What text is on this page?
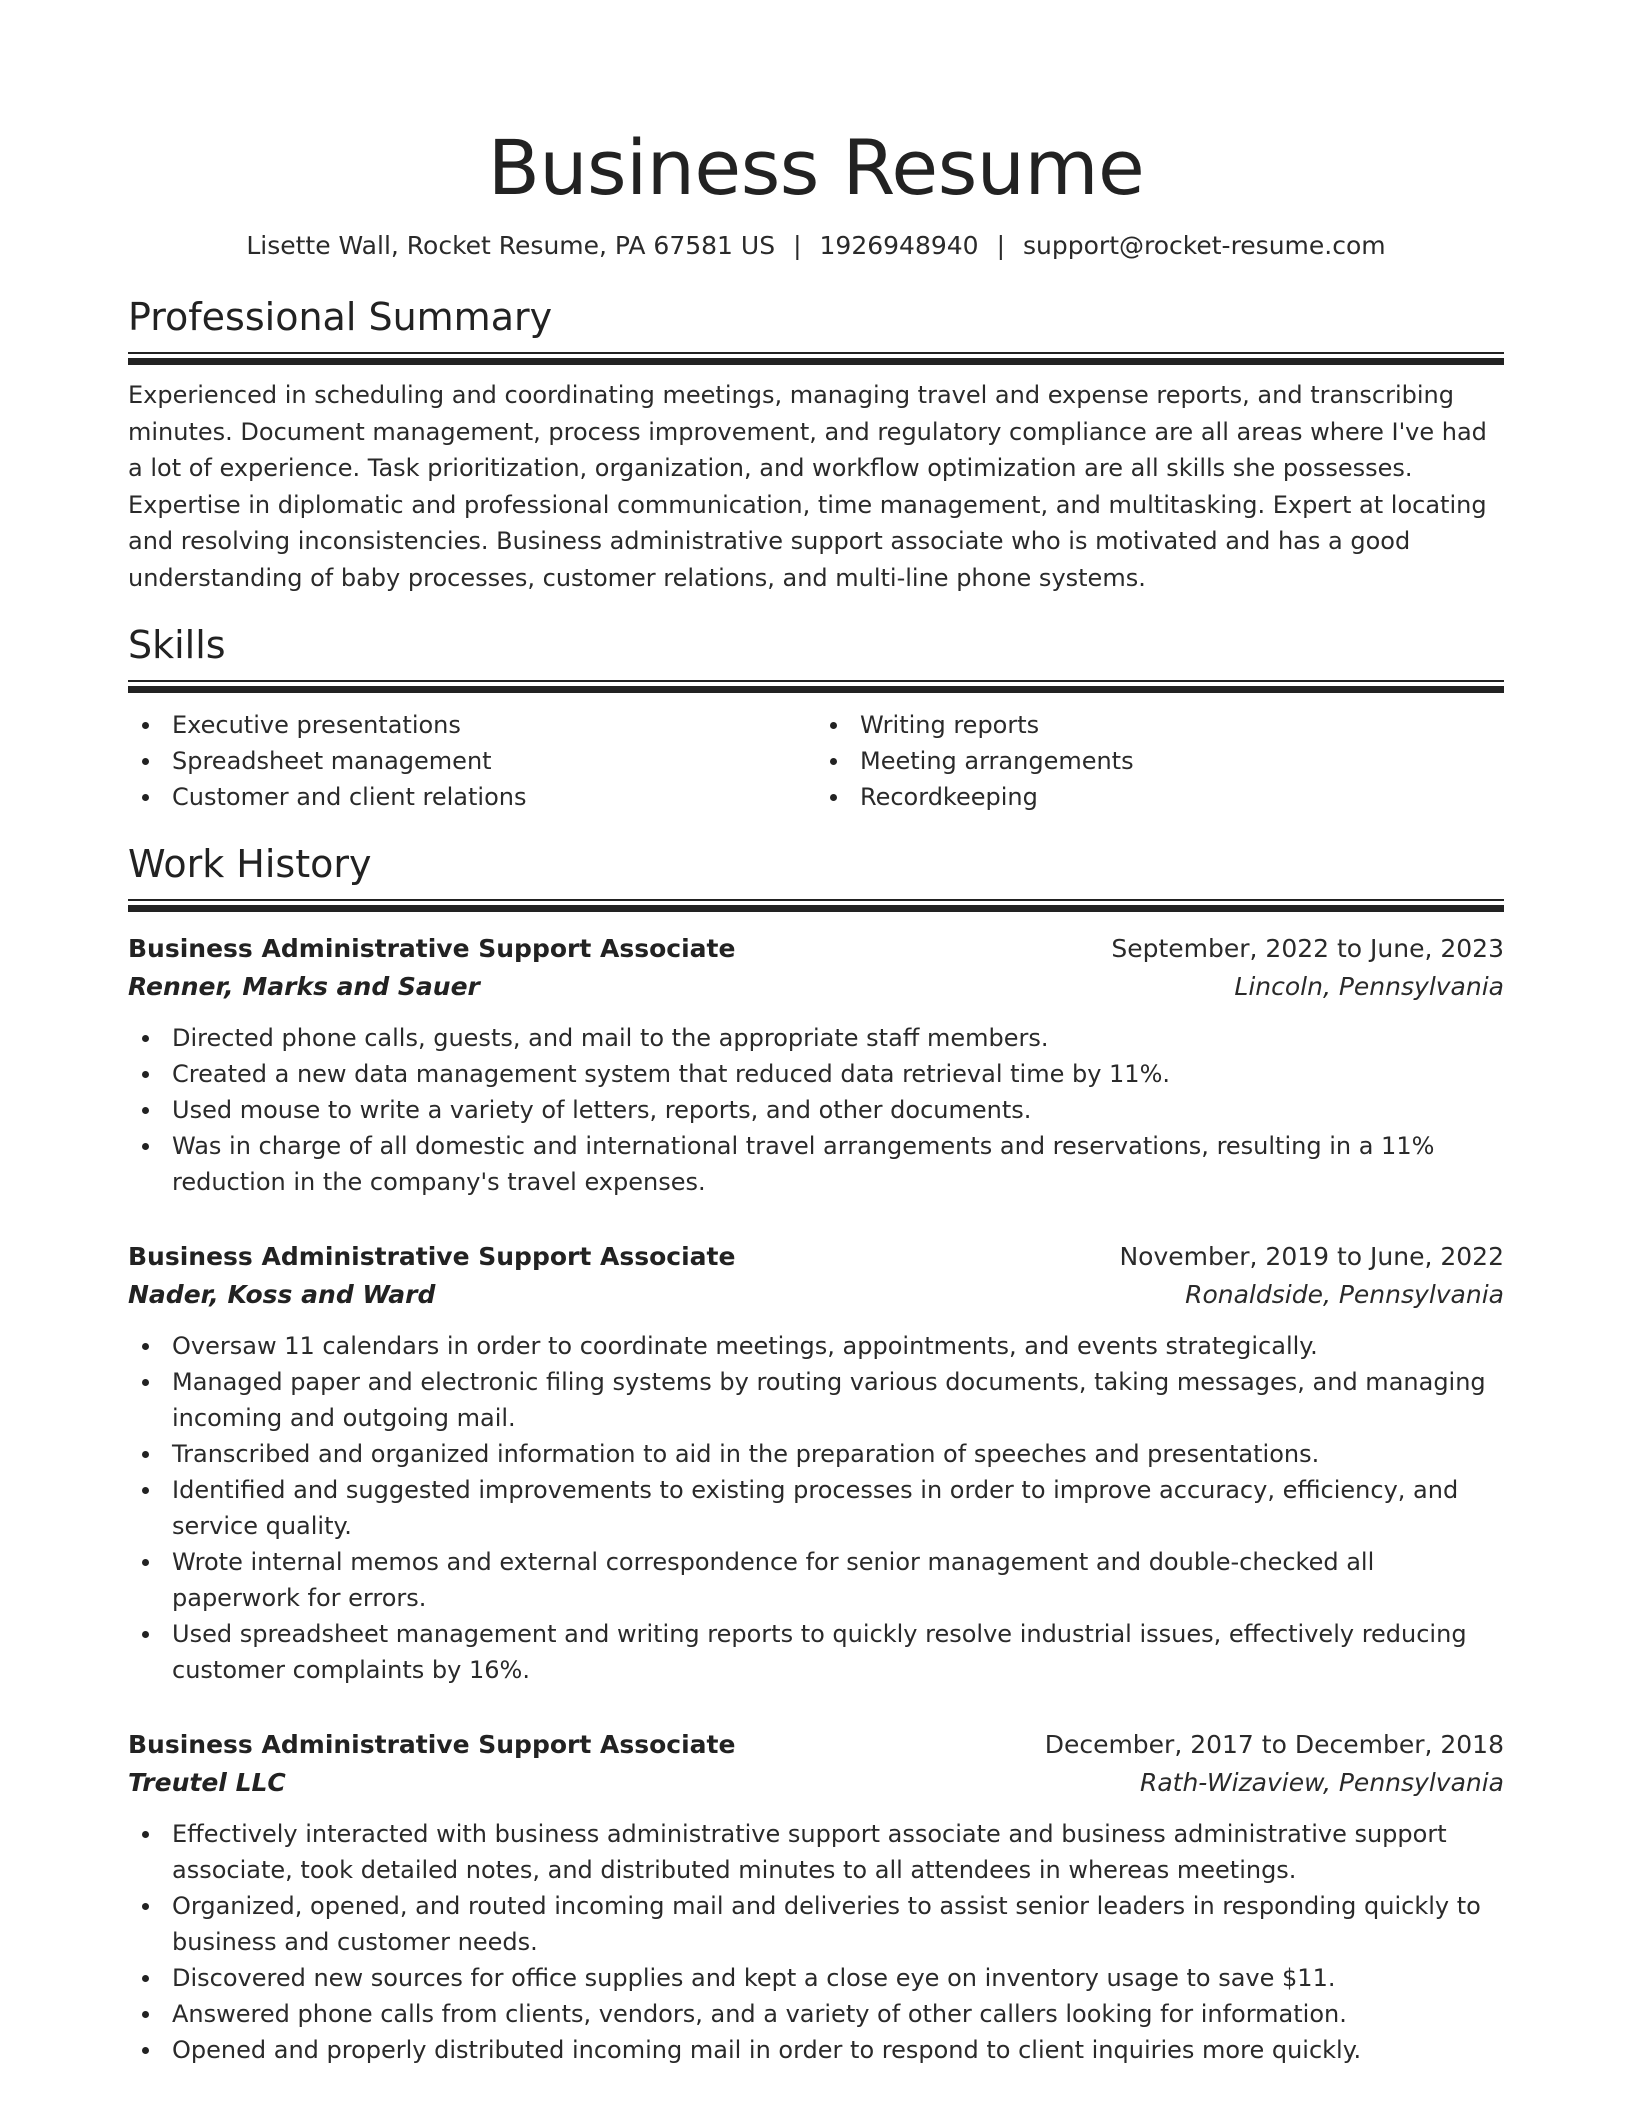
Business Resume
Lisette Wall, Rocket Resume, PA 67581 US | 1926948940 | support@rocket-resume.com
Professional Summary

Experienced in scheduling and coordinating meetings, managing travel and expense reports, and transcribing minutes. Document management, process improvement, and regulatory compliance are all areas where I've had a lot of experience. Task prioritization, organization, and workflow optimization are all skills she possesses. Expertise in diplomatic and professional communication, time management, and multitasking. Expert at locating and resolving inconsistencies. Business administrative support associate who is motivated and has a good understanding of baby processes, customer relations, and multi-line phone systems.

Skills
Executive presentations
Spreadsheet management
Customer and client relations
Writing reports
Meeting arrangements
Recordkeeping
Work History
Business Administrative Support Associate	September, 2022 to June, 2023
Renner, Marks and Sauer	Lincoln, Pennsylvania
Directed phone calls, guests, and mail to the appropriate staff members.
Created a new data management system that reduced data retrieval time by 11%.
Used mouse to write a variety of letters, reports, and other documents.
Was in charge of all domestic and international travel arrangements and reservations, resulting in a 11% reduction in the company's travel expenses.
Business Administrative Support Associate	November, 2019 to June, 2022
Nader, Koss and Ward	Ronaldside, Pennsylvania
Oversaw 11 calendars in order to coordinate meetings, appointments, and events strategically.
Managed paper and electronic filing systems by routing various documents, taking messages, and managing incoming and outgoing mail.
Transcribed and organized information to aid in the preparation of speeches and presentations.
Identified and suggested improvements to existing processes in order to improve accuracy, efficiency, and service quality.
Wrote internal memos and external correspondence for senior management and double-checked all paperwork for errors.
Used spreadsheet management and writing reports to quickly resolve industrial issues, effectively reducing customer complaints by 16%.
Business Administrative Support Associate	December, 2017 to December, 2018
Treutel LLC	Rath-Wizaview, Pennsylvania
Effectively interacted with business administrative support associate and business administrative support associate, took detailed notes, and distributed minutes to all attendees in whereas meetings.
Organized, opened, and routed incoming mail and deliveries to assist senior leaders in responding quickly to business and customer needs.
Discovered new sources for office supplies and kept a close eye on inventory usage to save $11.
Answered phone calls from clients, vendors, and a variety of other callers looking for information.
Opened and properly distributed incoming mail in order to respond to client inquiries more quickly.
